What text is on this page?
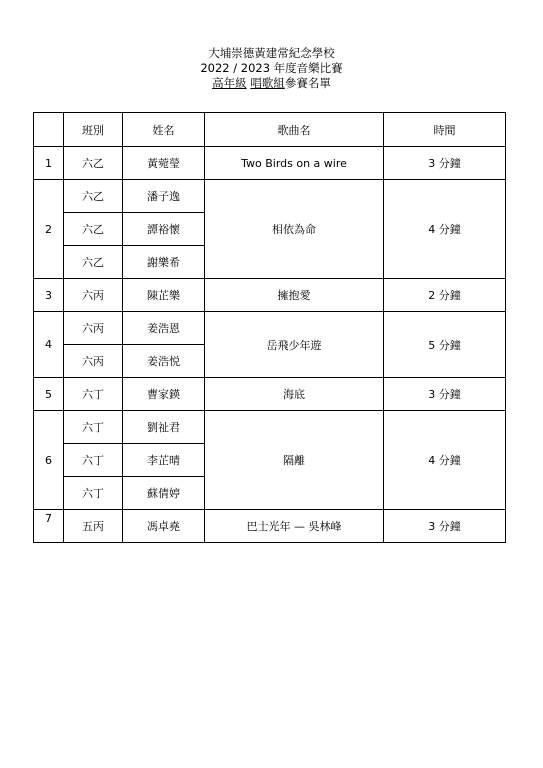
大埔崇德黃建常紀念學校
2022 / 2023 年度音樂比賽
高年級 唱歌組參賽名單
	班別	姓名	歌曲名	時間
1	六乙	黃菀瑩	Two Birds on a wire	3 分鐘
2	六乙	潘子逸	相依為命	4 分鐘
	六乙	譚裕懷		
	六乙	謝樂希		
3	六丙	陳芷樂	擁抱愛	2 分鐘
4	六丙	姜浩恩	岳飛少年遊	5 分鐘
	六丙	姜浩悦		
5	六丁	曹家鍈	海底	3 分鐘
6	六丁	劉祉君	隔離	4 分鐘
	六丁	李芷晴		
	六丁	蘇倩婷		
7	五丙	馮卓堯	巴士光年 — 吳林峰	3 分鐘
